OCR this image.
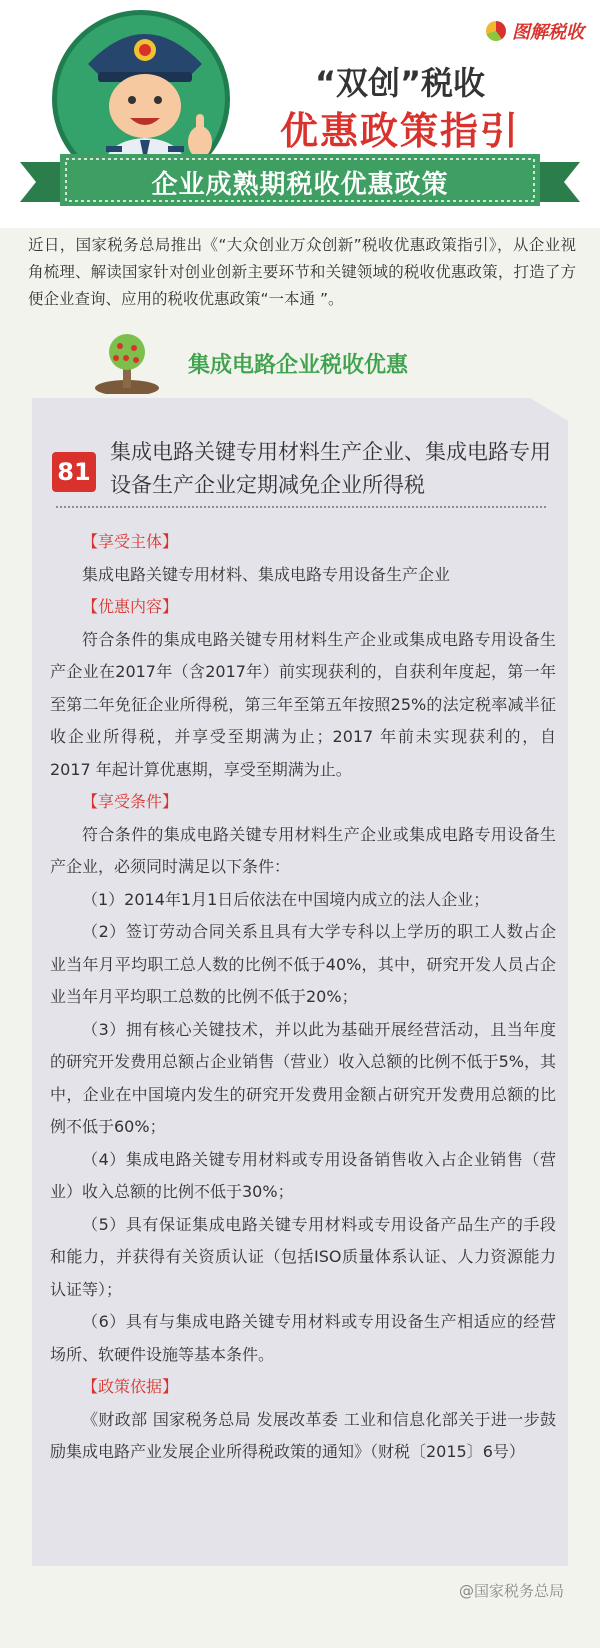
图解税收
“双创”税收
优惠政策指引
企业成熟期税收优惠政策
近日，国家税务总局推出《“大众创业万众创新”税收优惠政策指引》，从企业视角梳理、解读国家针对创业创新主要环节和关键领域的税收优惠政策，打造了方便企业查询、应用的税收优惠政策“一本通 ”。
集成电路企业税收优惠
81
集成电路关键专用材料生产企业、集成电路专用设备生产企业定期减免企业所得税

【享受主体】

集成电路关键专用材料、集成电路专用设备生产企业

【优惠内容】

符合条件的集成电路关键专用材料生产企业或集成电路专用设备生产企业在2017年（含2017年）前实现获利的，自获利年度起，第一年至第二年免征企业所得税，第三年至第五年按照25%的法定税率减半征收企业所得税，并享受至期满为止；2017 年前未实现获利的，自 2017 年起计算优惠期，享受至期满为止。

【享受条件】

符合条件的集成电路关键专用材料生产企业或集成电路专用设备生产企业，必须同时满足以下条件：

（1）2014年1月1日后依法在中国境内成立的法人企业；

（2）签订劳动合同关系且具有大学专科以上学历的职工人数占企业当年月平均职工总人数的比例不低于40%，其中，研究开发人员占企业当年月平均职工总数的比例不低于20%；

（3）拥有核心关键技术，并以此为基础开展经营活动，且当年度的研究开发费用总额占企业销售（营业）收入总额的比例不低于5%，其中，企业在中国境内发生的研究开发费用金额占研究开发费用总额的比例不低于60%；

（4）集成电路关键专用材料或专用设备销售收入占企业销售（营业）收入总额的比例不低于30%；

（5）具有保证集成电路关键专用材料或专用设备产品生产的手段和能力，并获得有关资质认证（包括ISO质量体系认证、人力资源能力认证等）；

（6）具有与集成电路关键专用材料或专用设备生产相适应的经营场所、软硬件设施等基本条件。

【政策依据】

《财政部 国家税务总局 发展改革委 工业和信息化部关于进一步鼓励集成电路产业发展企业所得税政策的通知》（财税〔2015〕6号）

@国家税务总局
